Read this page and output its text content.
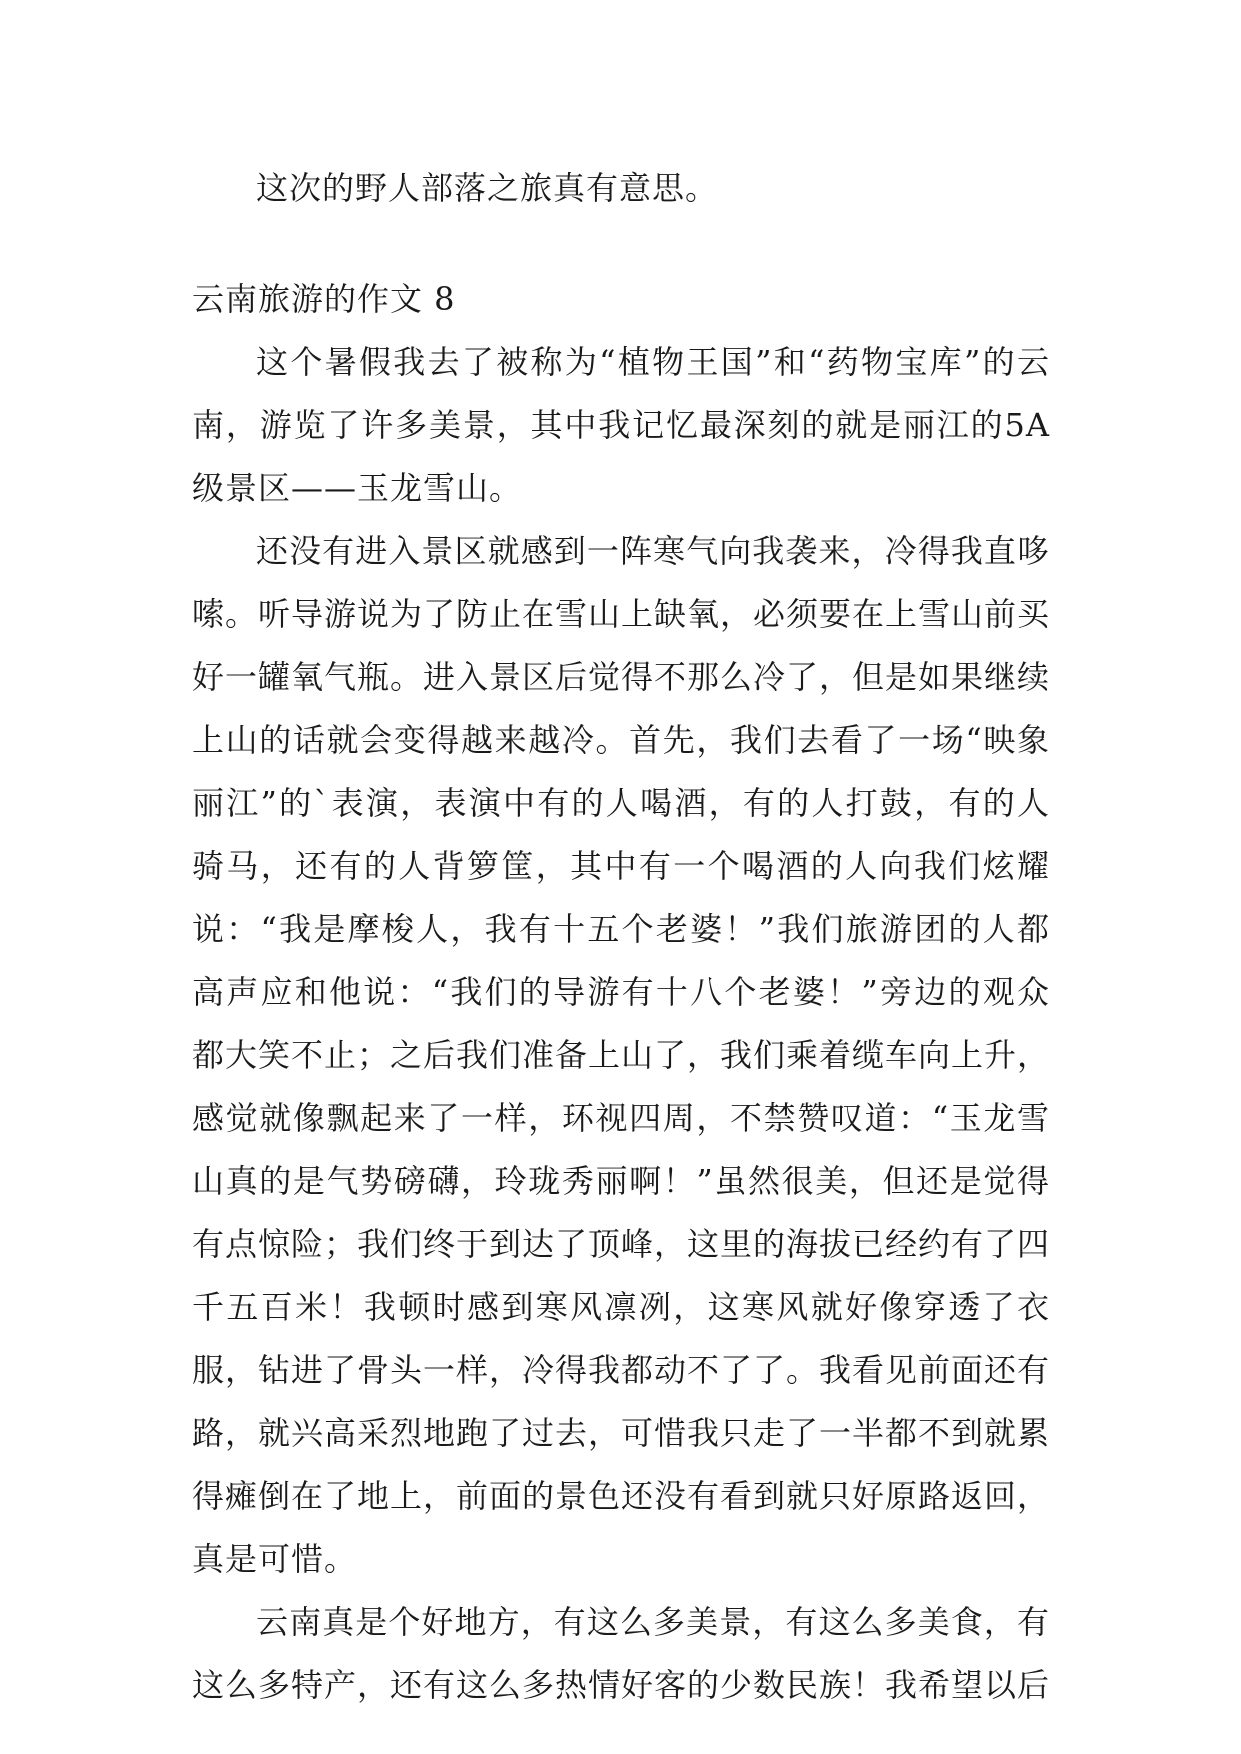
这次的野人部落之旅真有意思。

云南旅游的作文 8

这个暑假我去了被称为“植物王国”和“药物宝库”的云南，游览了许多美景，其中我记忆最深刻的就是丽江的5A级景区——玉龙雪山。

还没有进入景区就感到一阵寒气向我袭来，冷得我直哆嗦。听导游说为了防止在雪山上缺氧，必须要在上雪山前买好一罐氧气瓶。进入景区后觉得不那么冷了，但是如果继续上山的话就会变得越来越冷。首先，我们去看了一场“映象丽江”的`表演，表演中有的人喝酒，有的人打鼓，有的人骑马，还有的人背箩筐，其中有一个喝酒的人向我们炫耀说：“我是摩梭人，我有十五个老婆！”我们旅游团的人都高声应和他说：“我们的导游有十八个老婆！”旁边的观众都大笑不止；之后我们准备上山了，我们乘着缆车向上升，感觉就像飘起来了一样，环视四周，不禁赞叹道：“玉龙雪山真的是气势磅礴，玲珑秀丽啊！”虽然很美，但还是觉得有点惊险；我们终于到达了顶峰，这里的海拔已经约有了四千五百米！我顿时感到寒风凛冽，这寒风就好像穿透了衣服，钻进了骨头一样，冷得我都动不了了。我看见前面还有路，就兴高采烈地跑了过去，可惜我只走了一半都不到就累得瘫倒在了地上，前面的景色还没有看到就只好原路返回，真是可惜。

云南真是个好地方，有这么多美景，有这么多美食，有这么多特产，还有这么多热情好客的少数民族！我希望以后
